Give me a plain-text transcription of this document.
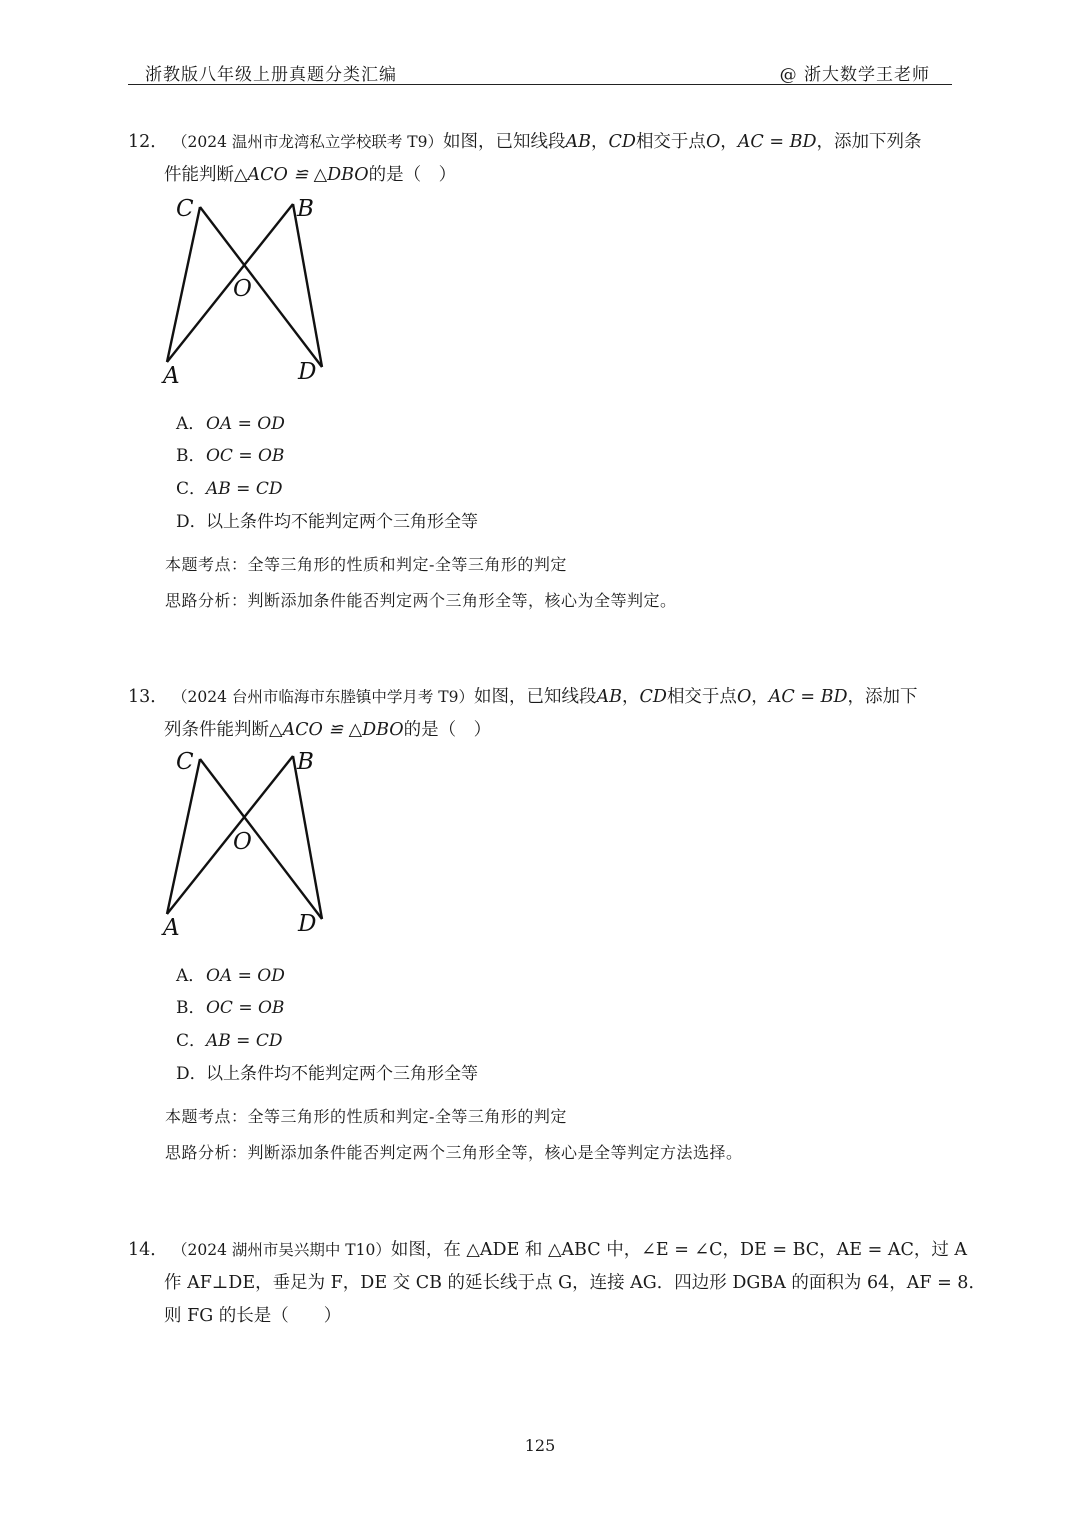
浙教版八年级上册真题分类汇编	@ 浙大数学王老师
12． （2024 温州市龙湾私立学校联考 T9）如图，已知线段AB，CD相交于点O，AC = BD，添加下列条
件能判断△ACO ≌ △DBO的是（　）
C	B
O
A	D
A．OA = OD
B．OC = OB
C．AB = CD
D．以上条件均不能判定两个三角形全等
本题考点：全等三角形的性质和判定-全等三角形的判定
思路分析：判断添加条件能否判定两个三角形全等，核心为全等判定。
13． （2024 台州市临海市东塍镇中学月考 T9）如图，已知线段AB，CD相交于点O，AC = BD，添加下
列条件能判断△ACO ≌ △DBO的是（　）
C	B
O
A	D
A．OA = OD
B．OC = OB
C．AB = CD
D．以上条件均不能判定两个三角形全等
本题考点：全等三角形的性质和判定-全等三角形的判定
思路分析：判断添加条件能否判定两个三角形全等，核心是全等判定方法选择。
14． （2024 湖州市吴兴期中 T10）如图，在 △ADE 和 △ABC 中，∠E = ∠C，DE = BC，AE = AC，过 A
作 AF⊥DE，垂足为 F，DE 交 CB 的延长线于点 G，连接 AG．四边形 DGBA 的面积为 64，AF = 8．
则 FG 的长是（　　）
125
